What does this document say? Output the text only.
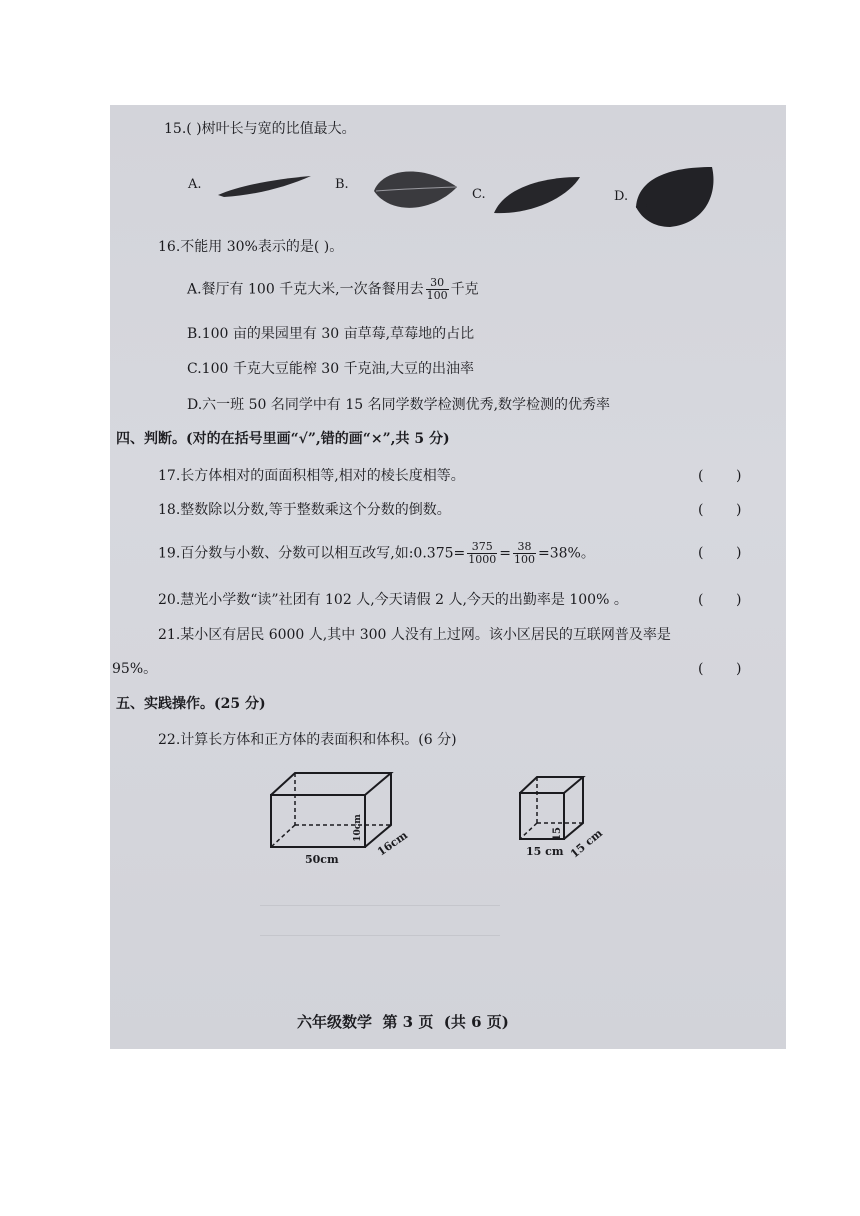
15.( )树叶长与宽的比值最大。
A.	B.
C.	D.
16.不能用 30%表示的是( )。
A.餐厅有 100 千克大米,一次备餐用去 $\frac{30}{100}$ 千克
B.100 亩的果园里有 30 亩草莓,草莓地的占比
C.100 千克大豆能榨 30 千克油,大豆的出油率
D.六一班 50 名同学中有 15 名同学数学检测优秀,数学检测的优秀率
四、判断。(对的在括号里画“√”,错的画“×”,共 5 分)
17.长方体相对的面面积相等,相对的棱长度相等。	( )
18.整数除以分数,等于整数乘这个分数的倒数。	( )
19.百分数与小数、分数可以相互改写,如:0.375= $\frac{375}{1000} = \frac{38}{100} =38\%$。	( )
20.慧光小学数“读”社团有 102 人,今天请假 2 人,今天的出勤率是 100% 。	( )
21.某小区有居民 6000 人,其中 300 人没有上过网。该小区居民的互联网普及率是
95%。	( )
五、实践操作。(25 分)
22.计算长方体和正方体的表面积和体积。(6 分)
50cm
16cm
10cm
15 cm 15 cm
15
六年级数学  第 3 页  (共 6 页)
